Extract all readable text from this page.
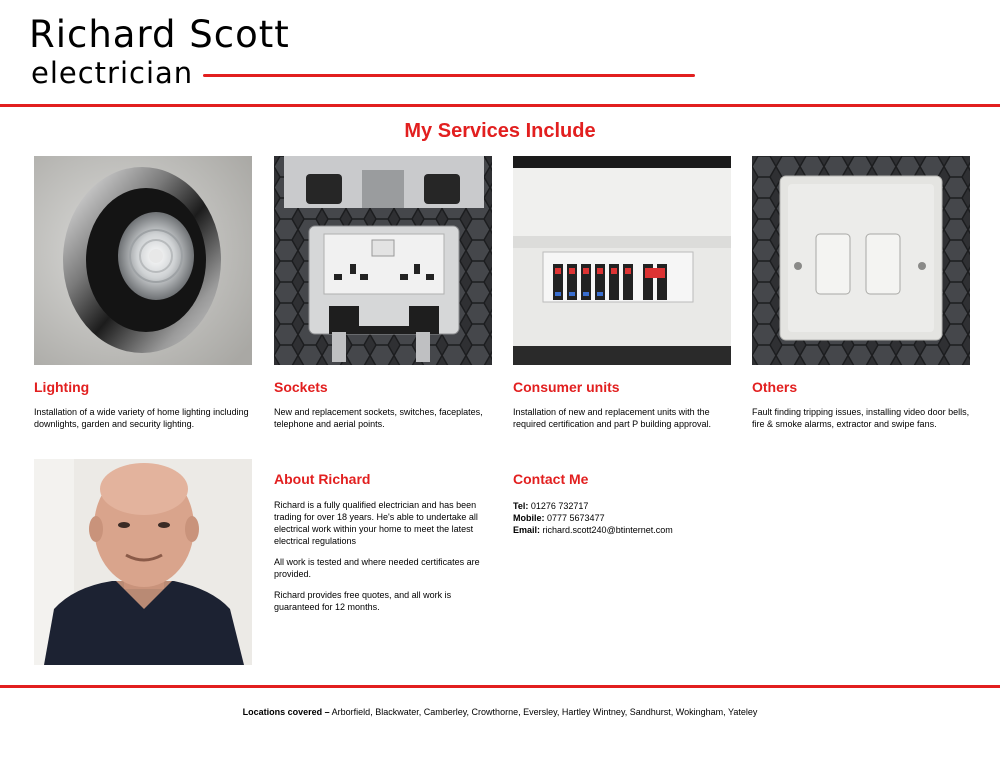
Richard Scott
electrician
My Services Include
Lighting

Installation of a wide variety of home lighting including downlights, garden and security lighting.

Sockets

New and replacement sockets, switches, faceplates, telephone and aerial points.

Consumer units

Installation of new and replacement units with the required certification and part P building approval.

Others

Fault finding tripping issues, installing video door bells, fire & smoke alarms, extractor and swipe fans.

About Richard

Richard is a fully qualified electrician and has been trading for over 18 years. He's able to undertake all electrical work within your home to meet the latest electrical regulations

All work is tested and where needed certificates are provided.

Richard provides free quotes, and all work is guaranteed for 12 months.

Contact Me
Tel: 01276 732717
Mobile: 0777 5673477
Email: richard.scott240@btinternet.com
Locations covered – Arborfield, Blackwater, Camberley, Crowthorne, Eversley, Hartley Wintney, Sandhurst, Wokingham, Yateley
